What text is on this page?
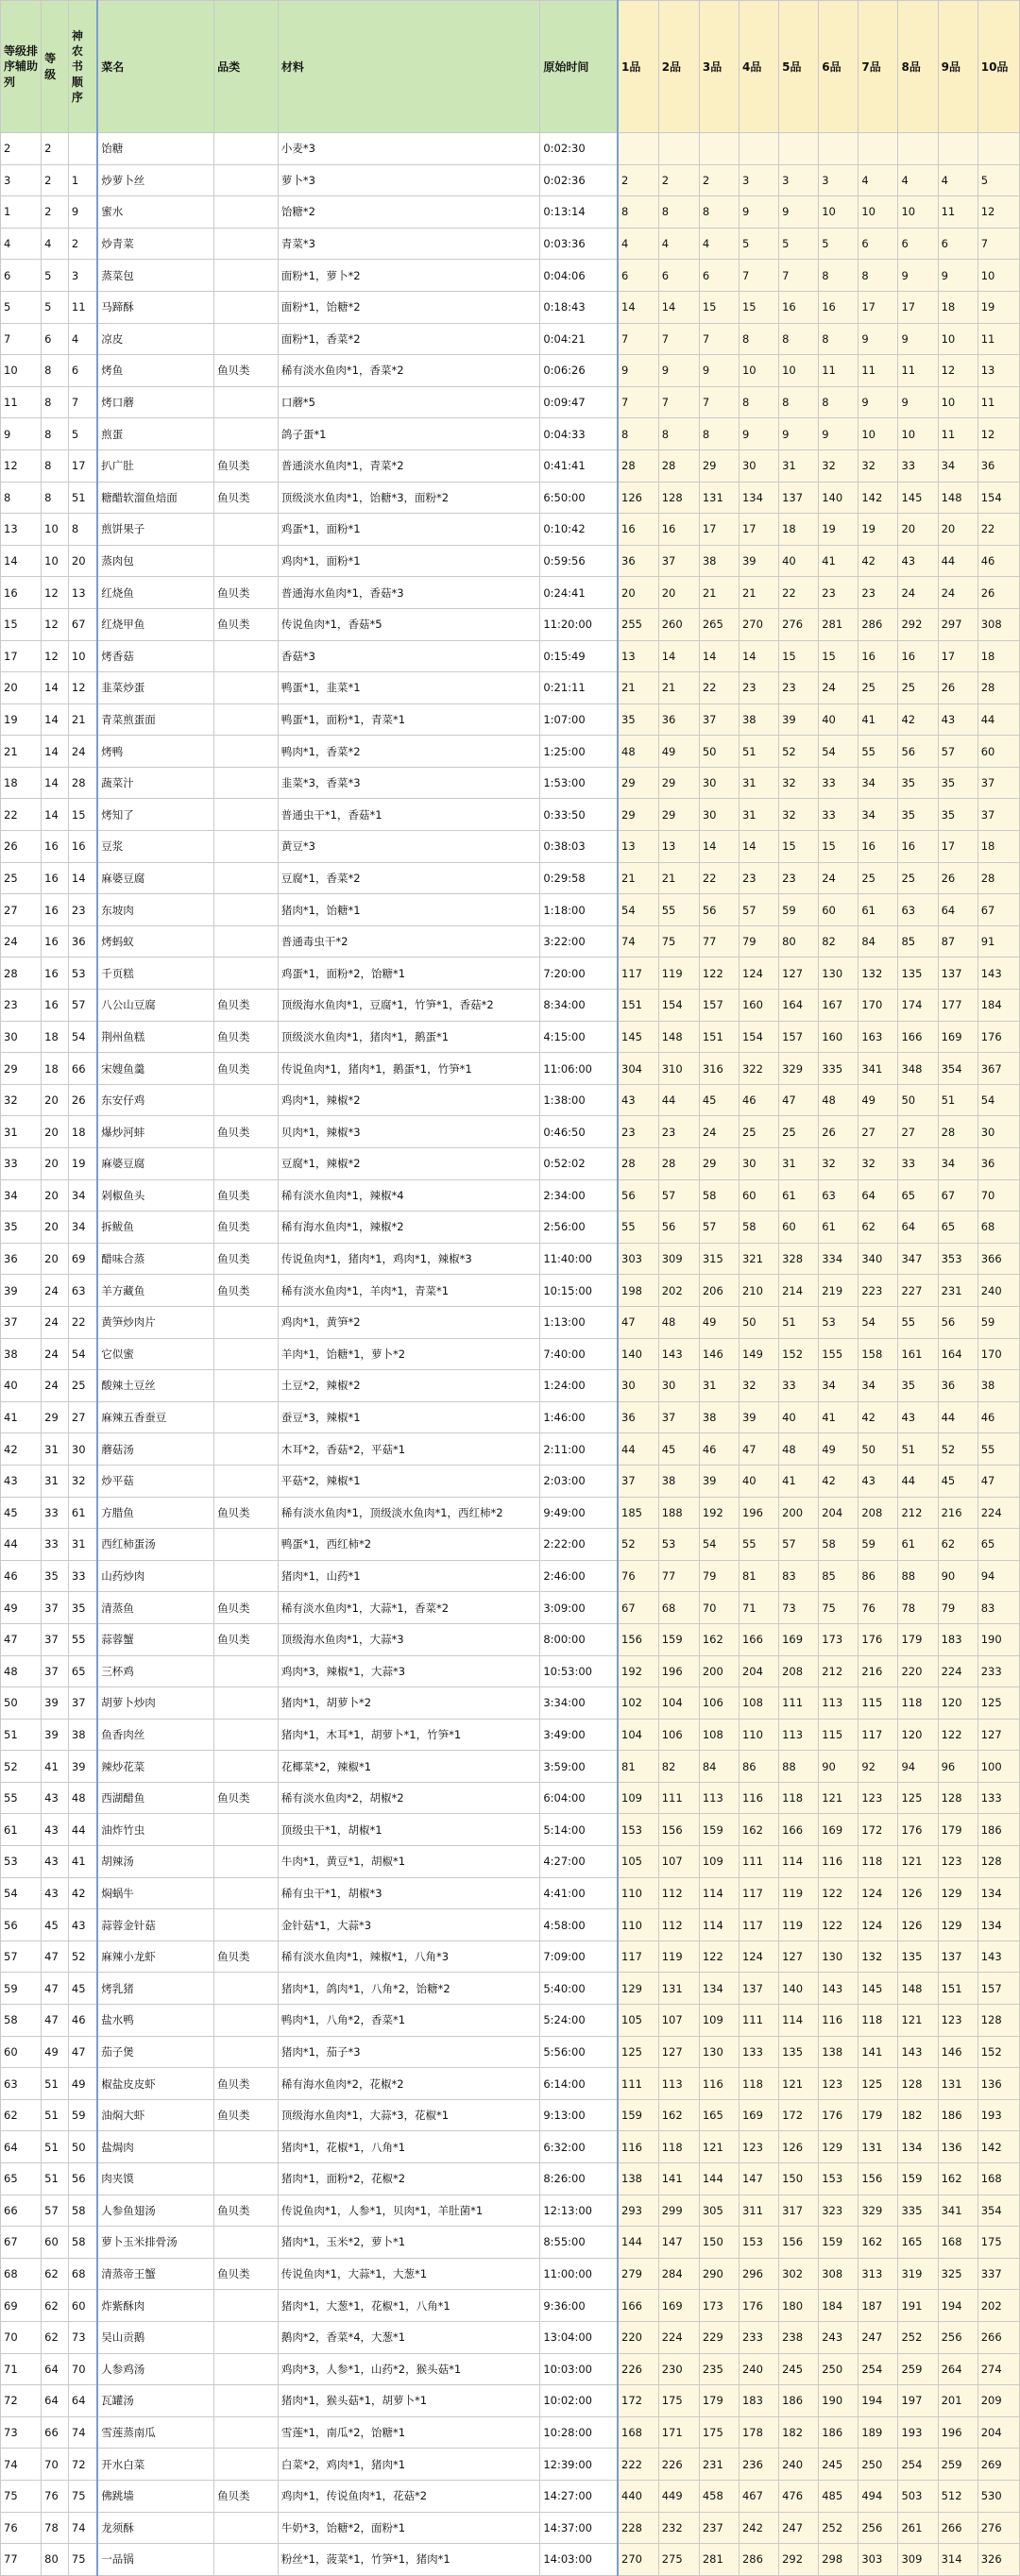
等级排序辅助列	等级	神农书顺序	菜名	品类	材料	原始时间	1品	2品	3品	4品	5品	6品	7品	8品	9品	10品
2	2		饴糖		小麦*3	0:02:30										
3	2	1	炒萝卜丝		萝卜*3	0:02:36	2	2	2	3	3	3	4	4	4	5
1	2	9	蜜水		饴糖*2	0:13:14	8	8	8	9	9	10	10	10	11	12
4	4	2	炒青菜		青菜*3	0:03:36	4	4	4	5	5	5	6	6	6	7
6	5	3	蒸菜包		面粉*1，萝卜*2	0:04:06	6	6	6	7	7	8	8	9	9	10
5	5	11	马蹄酥		面粉*1，饴糖*2	0:18:43	14	14	15	15	16	16	17	17	18	19
7	6	4	凉皮		面粉*1，香菜*2	0:04:21	7	7	7	8	8	8	9	9	10	11
10	8	6	烤鱼	鱼贝类	稀有淡水鱼肉*1，香菜*2	0:06:26	9	9	9	10	10	11	11	11	12	13
11	8	7	烤口蘑		口蘑*5	0:09:47	7	7	7	8	8	8	9	9	10	11
9	8	5	煎蛋		鸽子蛋*1	0:04:33	8	8	8	9	9	9	10	10	11	12
12	8	17	扒广肚	鱼贝类	普通淡水鱼肉*1，青菜*2	0:41:41	28	28	29	30	31	32	32	33	34	36
8	8	51	糖醋软溜鱼焙面	鱼贝类	顶级淡水鱼肉*1，饴糖*3，面粉*2	6:50:00	126	128	131	134	137	140	142	145	148	154
13	10	8	煎饼果子		鸡蛋*1，面粉*1	0:10:42	16	16	17	17	18	19	19	20	20	22
14	10	20	蒸肉包		鸡肉*1，面粉*1	0:59:56	36	37	38	39	40	41	42	43	44	46
16	12	13	红烧鱼	鱼贝类	普通海水鱼肉*1，香菇*3	0:24:41	20	20	21	21	22	23	23	24	24	26
15	12	67	红烧甲鱼	鱼贝类	传说鱼肉*1，香菇*5	11:20:00	255	260	265	270	276	281	286	292	297	308
17	12	10	烤香菇		香菇*3	0:15:49	13	14	14	14	15	15	16	16	17	18
20	14	12	韭菜炒蛋		鸭蛋*1，韭菜*1	0:21:11	21	21	22	23	23	24	25	25	26	28
19	14	21	青菜煎蛋面		鸭蛋*1，面粉*1，青菜*1	1:07:00	35	36	37	38	39	40	41	42	43	44
21	14	24	烤鸭		鸭肉*1，香菜*2	1:25:00	48	49	50	51	52	54	55	56	57	60
18	14	28	蔬菜汁		韭菜*3，香菜*3	1:53:00	29	29	30	31	32	33	34	35	35	37
22	14	15	烤知了		普通虫干*1，香菇*1	0:33:50	29	29	30	31	32	33	34	35	35	37
26	16	16	豆浆		黄豆*3	0:38:03	13	13	14	14	15	15	16	16	17	18
25	16	14	麻婆豆腐		豆腐*1，香菜*2	0:29:58	21	21	22	23	23	24	25	25	26	28
27	16	23	东坡肉		猪肉*1，饴糖*1	1:18:00	54	55	56	57	59	60	61	63	64	67
24	16	36	烤蚂蚁		普通毒虫干*2	3:22:00	74	75	77	79	80	82	84	85	87	91
28	16	53	千页糕		鸡蛋*1，面粉*2，饴糖*1	7:20:00	117	119	122	124	127	130	132	135	137	143
23	16	57	八公山豆腐	鱼贝类	顶级海水鱼肉*1，豆腐*1，竹笋*1，香菇*2	8:34:00	151	154	157	160	164	167	170	174	177	184
30	18	54	荆州鱼糕	鱼贝类	顶级淡水鱼肉*1，猪肉*1，鹅蛋*1	4:15:00	145	148	151	154	157	160	163	166	169	176
29	18	66	宋嫂鱼羹	鱼贝类	传说鱼肉*1，猪肉*1，鹅蛋*1，竹笋*1	11:06:00	304	310	316	322	329	335	341	348	354	367
32	20	26	东安仔鸡		鸡肉*1，辣椒*2	1:38:00	43	44	45	46	47	48	49	50	51	54
31	20	18	爆炒河蚌	鱼贝类	贝肉*1，辣椒*3	0:46:50	23	23	24	25	25	26	27	27	28	30
33	20	19	麻婆豆腐		豆腐*1，辣椒*2	0:52:02	28	28	29	30	31	32	32	33	34	36
34	20	34	剁椒鱼头	鱼贝类	稀有淡水鱼肉*1，辣椒*4	2:34:00	56	57	58	60	61	63	64	65	67	70
35	20	34	拆鲅鱼	鱼贝类	稀有海水鱼肉*1，辣椒*2	2:56:00	55	56	57	58	60	61	62	64	65	68
36	20	69	醋味合蒸	鱼贝类	传说鱼肉*1，猪肉*1，鸡肉*1，辣椒*3	11:40:00	303	309	315	321	328	334	340	347	353	366
39	24	63	羊方藏鱼	鱼贝类	稀有淡水鱼肉*1，羊肉*1，青菜*1	10:15:00	198	202	206	210	214	219	223	227	231	240
37	24	22	黄笋炒肉片		鸡肉*1，黄笋*2	1:13:00	47	48	49	50	51	53	54	55	56	59
38	24	54	它似蜜		羊肉*1，饴糖*1，萝卜*2	7:40:00	140	143	146	149	152	155	158	161	164	170
40	24	25	酸辣土豆丝		土豆*2，辣椒*2	1:24:00	30	30	31	32	33	34	34	35	36	38
41	29	27	麻辣五香蚕豆		蚕豆*3，辣椒*1	1:46:00	36	37	38	39	40	41	42	43	44	46
42	31	30	蘑菇汤		木耳*2，香菇*2，平菇*1	2:11:00	44	45	46	47	48	49	50	51	52	55
43	31	32	炒平菇		平菇*2，辣椒*1	2:03:00	37	38	39	40	41	42	43	44	45	47
45	33	61	方腊鱼	鱼贝类	稀有淡水鱼肉*1，顶级淡水鱼肉*1，西红柿*2	9:49:00	185	188	192	196	200	204	208	212	216	224
44	33	31	西红柿蛋汤		鸭蛋*1，西红柿*2	2:22:00	52	53	54	55	57	58	59	61	62	65
46	35	33	山药炒肉		猪肉*1，山药*1	2:46:00	76	77	79	81	83	85	86	88	90	94
49	37	35	清蒸鱼	鱼贝类	稀有淡水鱼肉*1，大蒜*1，香菜*2	3:09:00	67	68	70	71	73	75	76	78	79	83
47	37	55	蒜蓉蟹	鱼贝类	顶级海水鱼肉*1，大蒜*3	8:00:00	156	159	162	166	169	173	176	179	183	190
48	37	65	三杯鸡		鸡肉*3，辣椒*1，大蒜*3	10:53:00	192	196	200	204	208	212	216	220	224	233
50	39	37	胡萝卜炒肉		猪肉*1，胡萝卜*2	3:34:00	102	104	106	108	111	113	115	118	120	125
51	39	38	鱼香肉丝		猪肉*1，木耳*1，胡萝卜*1，竹笋*1	3:49:00	104	106	108	110	113	115	117	120	122	127
52	41	39	辣炒花菜		花椰菜*2，辣椒*1	3:59:00	81	82	84	86	88	90	92	94	96	100
55	43	48	西湖醋鱼	鱼贝类	稀有淡水鱼肉*2，胡椒*2	6:04:00	109	111	113	116	118	121	123	125	128	133
61	43	44	油炸竹虫		顶级虫干*1，胡椒*1	5:14:00	153	156	159	162	166	169	172	176	179	186
53	43	41	胡辣汤		牛肉*1，黄豆*1，胡椒*1	4:27:00	105	107	109	111	114	116	118	121	123	128
54	43	42	焖蜗牛		稀有虫干*1，胡椒*3	4:41:00	110	112	114	117	119	122	124	126	129	134
56	45	43	蒜蓉金针菇		金针菇*1，大蒜*3	4:58:00	110	112	114	117	119	122	124	126	129	134
57	47	52	麻辣小龙虾	鱼贝类	稀有淡水鱼肉*1，辣椒*1，八角*3	7:09:00	117	119	122	124	127	130	132	135	137	143
59	47	45	烤乳猪		猪肉*1，鸽肉*1，八角*2，饴糖*2	5:40:00	129	131	134	137	140	143	145	148	151	157
58	47	46	盐水鸭		鸭肉*1，八角*2，香菜*1	5:24:00	105	107	109	111	114	116	118	121	123	128
60	49	47	茄子煲		猪肉*1，茄子*3	5:56:00	125	127	130	133	135	138	141	143	146	152
63	51	49	椒盐皮皮虾	鱼贝类	稀有海水鱼肉*2，花椒*2	6:14:00	111	113	116	118	121	123	125	128	131	136
62	51	59	油焖大虾	鱼贝类	顶级海水鱼肉*1，大蒜*3，花椒*1	9:13:00	159	162	165	169	172	176	179	182	186	193
64	51	50	盐焗肉		猪肉*1，花椒*1，八角*1	6:32:00	116	118	121	123	126	129	131	134	136	142
65	51	56	肉夹馍		猪肉*1，面粉*2，花椒*2	8:26:00	138	141	144	147	150	153	156	159	162	168
66	57	58	人参鱼翅汤	鱼贝类	传说鱼肉*1，人参*1，贝肉*1，羊肚菌*1	12:13:00	293	299	305	311	317	323	329	335	341	354
67	60	58	萝卜玉米排骨汤		猪肉*1，玉米*2，萝卜*1	8:55:00	144	147	150	153	156	159	162	165	168	175
68	62	68	清蒸帝王蟹	鱼贝类	传说鱼肉*1，大蒜*1，大葱*1	11:00:00	279	284	290	296	302	308	313	319	325	337
69	62	60	炸紫酥肉		猪肉*1，大葱*1，花椒*1，八角*1	9:36:00	166	169	173	176	180	184	187	191	194	202
70	62	73	吴山贡鹅		鹅肉*2，香菜*4，大葱*1	13:04:00	220	224	229	233	238	243	247	252	256	266
71	64	70	人参鸡汤		鸡肉*3，人参*1，山药*2，猴头菇*1	10:03:00	226	230	235	240	245	250	254	259	264	274
72	64	64	瓦罐汤		猪肉*1，猴头菇*1，胡萝卜*1	10:02:00	172	175	179	183	186	190	194	197	201	209
73	66	74	雪莲蒸南瓜		雪莲*1，南瓜*2，饴糖*1	10:28:00	168	171	175	178	182	186	189	193	196	204
74	70	72	开水白菜		白菜*2，鸡肉*1，猪肉*1	12:39:00	222	226	231	236	240	245	250	254	259	269
75	76	75	佛跳墙	鱼贝类	鸡肉*1，传说鱼肉*1，花菇*2	14:27:00	440	449	458	467	476	485	494	503	512	530
76	78	74	龙须酥		牛奶*3，饴糖*2，面粉*1	14:37:00	228	232	237	242	247	252	256	261	266	276
77	80	75	一品锅		粉丝*1，菠菜*1，竹笋*1，猪肉*1	14:03:00	270	275	281	286	292	298	303	309	314	326
